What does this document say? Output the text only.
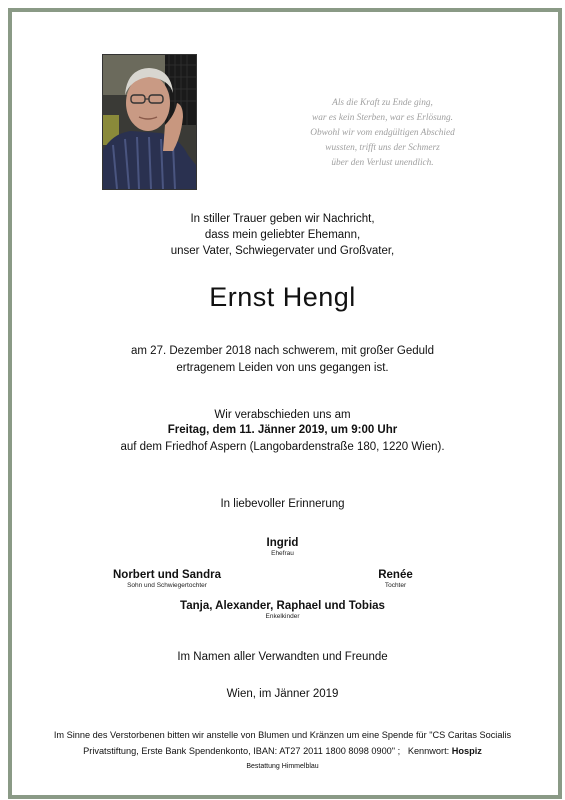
Als die Kraft zu Ende ging,
war es kein Sterben, war es Erlösung.
Obwohl wir vom endgültigen Abschied
wussten, trifft uns der Schmerz
über den Verlust unendlich.
In stiller Trauer geben wir Nachricht,
dass mein geliebter Ehemann,
unser Vater, Schwiegervater und Großvater,
Ernst Hengl
am 27. Dezember 2018 nach schwerem, mit großer Geduld
ertragenem Leiden von uns gegangen ist.
Wir verabschieden uns am
Freitag, dem 11. Jänner 2019, um 9:00 Uhr
auf dem Friedhof Aspern (Langobardenstraße 180, 1220 Wien).
In liebevoller Erinnerung
Ingrid
Ehefrau
Norbert und Sandra
Sohn und Schwiegertochter
Renée
Tochter
Tanja, Alexander, Raphael und Tobias
Enkelkinder
Im Namen aller Verwandten und Freunde
Wien, im Jänner 2019
Im Sinne des Verstorbenen bitten wir anstelle von Blumen und Kränzen um eine Spende für "CS Caritas Socialis
Privatstiftung, Erste Bank Spendenkonto, IBAN: AT27 2011 1800 8098 0900" ;   Kennwort: Hospiz
Bestattung Himmelblau
